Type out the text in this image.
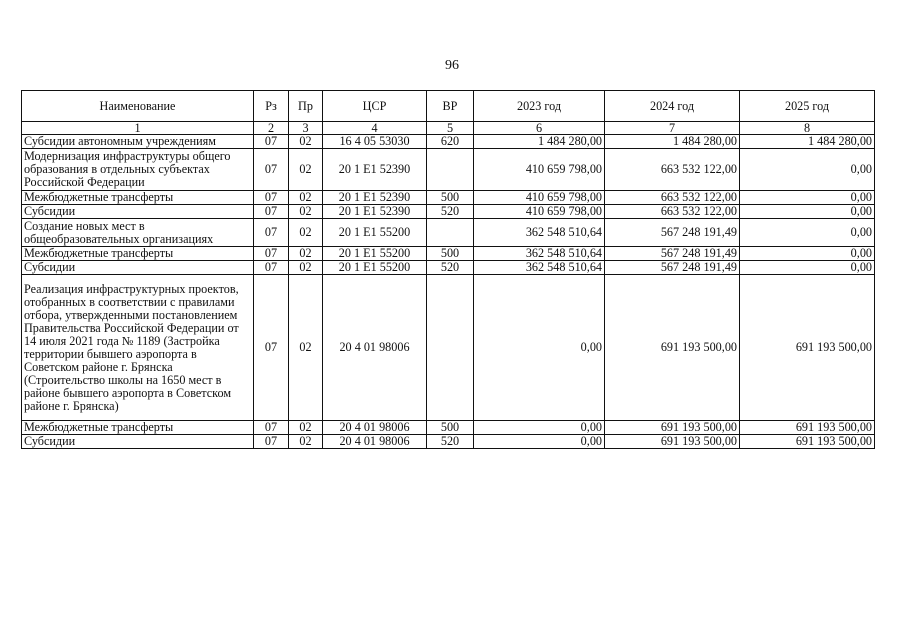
96
Наименование	Рз	Пр	ЦСР	ВР	2023 год	2024 год	2025 год
1	2	3	4	5	6	7	8
Субсидии автономным учреждениям	07	02	16 4 05 53030	620	1 484 280,00	1 484 280,00	1 484 280,00
Модернизация инфраструктуры общего образования в отдельных субъектах Российской Федерации	07	02	20 1 E1 52390		410 659 798,00	663 532 122,00	0,00
Межбюджетные трансферты	07	02	20 1 E1 52390	500	410 659 798,00	663 532 122,00	0,00
Субсидии	07	02	20 1 E1 52390	520	410 659 798,00	663 532 122,00	0,00
Создание новых мест в общеобразовательных организациях	07	02	20 1 E1 55200		362 548 510,64	567 248 191,49	0,00
Межбюджетные трансферты	07	02	20 1 E1 55200	500	362 548 510,64	567 248 191,49	0,00
Субсидии	07	02	20 1 E1 55200	520	362 548 510,64	567 248 191,49	0,00
Реализация инфраструктурных проектов, отобранных в соответствии с правилами отбора, утвержденными постановлением Правительства Российской Федерации от 14 июля 2021 года № 1189 (Застройка территории бывшего аэропорта в Советском районе г. Брянска (Строительство школы на 1650 мест в районе бывшего аэропорта в Советском районе г. Брянска)	07	02	20 4 01 98006		0,00	691 193 500,00	691 193 500,00
Межбюджетные трансферты	07	02	20 4 01 98006	500	0,00	691 193 500,00	691 193 500,00
Субсидии	07	02	20 4 01 98006	520	0,00	691 193 500,00	691 193 500,00
